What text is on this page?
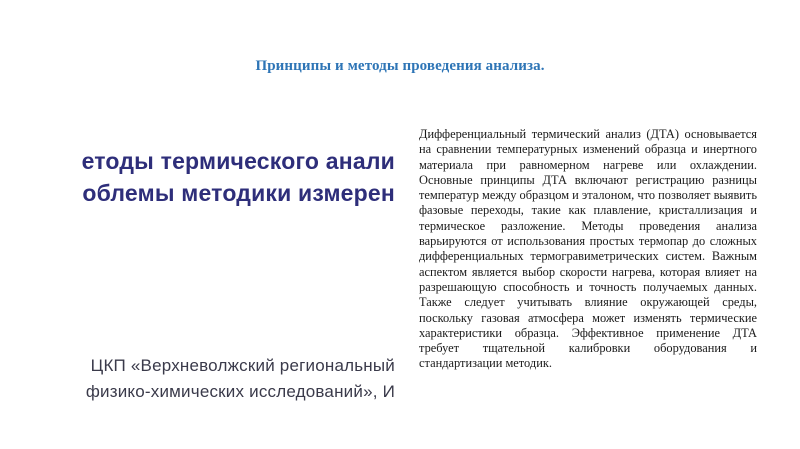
Принципы и методы проведения анализа.
етоды термического анали
облемы методики измерен
ЦКП «Верхневолжский региональный
физико-химических исследований», И

Дифференциальный термический анализ (ДТА) основывается на сравнении температурных изменений образца и инертного материала при равномерном нагреве или охлаждении. Основные принципы ДТА включают регистрацию разницы температур между образцом и эталоном, что позволяет выявить фазовые переходы, такие как плавление, кристаллизация и термическое разложение. Методы проведения анализа варьируются от использования простых термопар до сложных дифференциальных термогравиметрических систем. Важным аспектом является выбор скорости нагрева, которая влияет на разрешающую способность и точность получаемых данных. Также следует учитывать влияние окружающей среды, поскольку газовая атмосфера может изменять термические характеристики образца. Эффективное применение ДТА требует тщательной калибровки оборудования и стандартизации методик.
